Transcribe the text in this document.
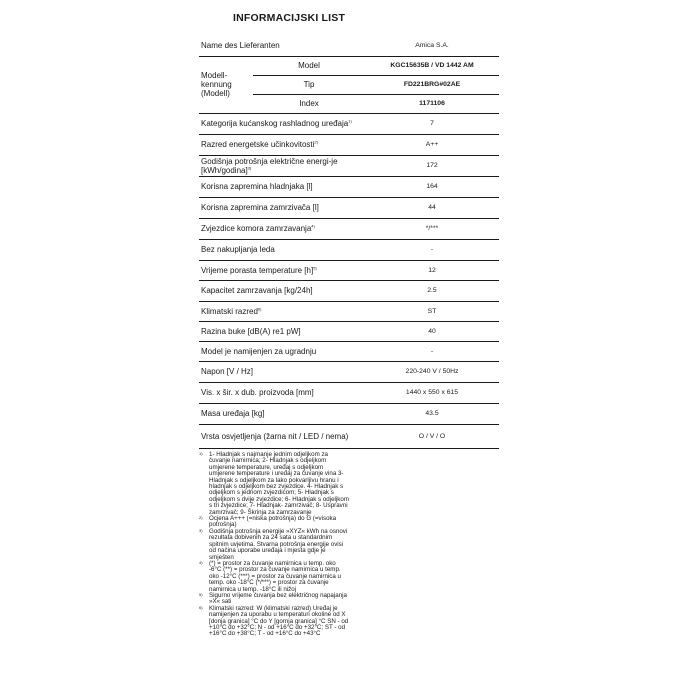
INFORMACIJSKI LIST
Name des Lieferanten		Amica S.A.
Modell-
kennung
(Modell)	Model	KGC15635B / VD 1442 AM
	Tip	FD221BRG#02AE
	Index	1171106
Kategorija kućanskog rashladnog uređaja$^{1)}$		7
Razred energetske učinkovitosti$^{2)}$		A++
Godišnja potrošnja električne energi-je [kWh/godina]$^{3)}$		172
Korisna zapremina hladnjaka [l]		164
Korisna zapremina zamrzivača [l]		44
Zvjezdice komora zamrzavanja$^{4)}$		*/***
Bez nakupljanja leda		-
Vrijeme porasta temperature $[h]^{5)}$		12
Kapacitet zamrzavanja [kg/24h]		2.5
Klimatski razred$^{6)}$		ST
Razina buke [dB(A) re1 pW]		40
Model je namijenjen za ugradnju		-
Napon [V / Hz]		220-240 V / 50Hz
Vis. x šir. x dub. proizvoda [mm]		1440 x 550 x 615
Masa uređaja [kg]		43.5
Vrsta osvjetljenja (žarna nit / LED / nema)		O / V / O
1) 1- Hladnjak s najmanje jednim odjeljkom za čuvanje namirnica; 2- Hladnjak s odjeljkom umjerene temperature, uređaj s odjeljkom umjerene temperature i uređaj za čuvanje vina 3- Hladnjak s odjeljkom za lako pokvarljivu hranu i hladnjak s odjeljkom bez zvjezdice. 4- Hladnjak s odjeljkom s jednom zvjezdicom; 5- Hladnjak s odjeljkom s dvije zvjezdice; 6- Hladnjak s odjeljkom s tri zvjezdice; 7- Hladnjak- zamrzivač; 8- Uspravni zamrzivač; 9- Škrinja za zamrzavanje
2) Ocjena A+++ (=niska potrošnja) do G (=visoka potrošnja)
3) Godišnja potrošnja energije »XYZ« kWh na osnovi rezultata dobivenih za 24 sata u standardnim spitnim uvjetima. Stvarna potrošnja energije ovisi od načina uporabe uređaja i mjesta gdje je smješten
4) (*) = prostor za čuvanje namirnica u temp. oko -6°C (**) = prostor za čuvanje namirnica u temp. oko -12°C (***) = prostor za čuvanje namirnica u temp. oko -18°C (*/***) = prostor za čuvanje namirnica u temp. -18°C ili nižoj
5) Sigurno vrijeme čuvanja bez električnog napajanja »X« sati
6) Klimatski razred: W (klimatski razred) Uređaj je namijenjen za uporabu u temperaturi okoline od X [donja granica] °C do Y [gornja granica] °C SN - od +10°C do +32°C; N - od +16°C do +32°C; ST - od +16°C do +38°C; T - od +16°C do +43°C
